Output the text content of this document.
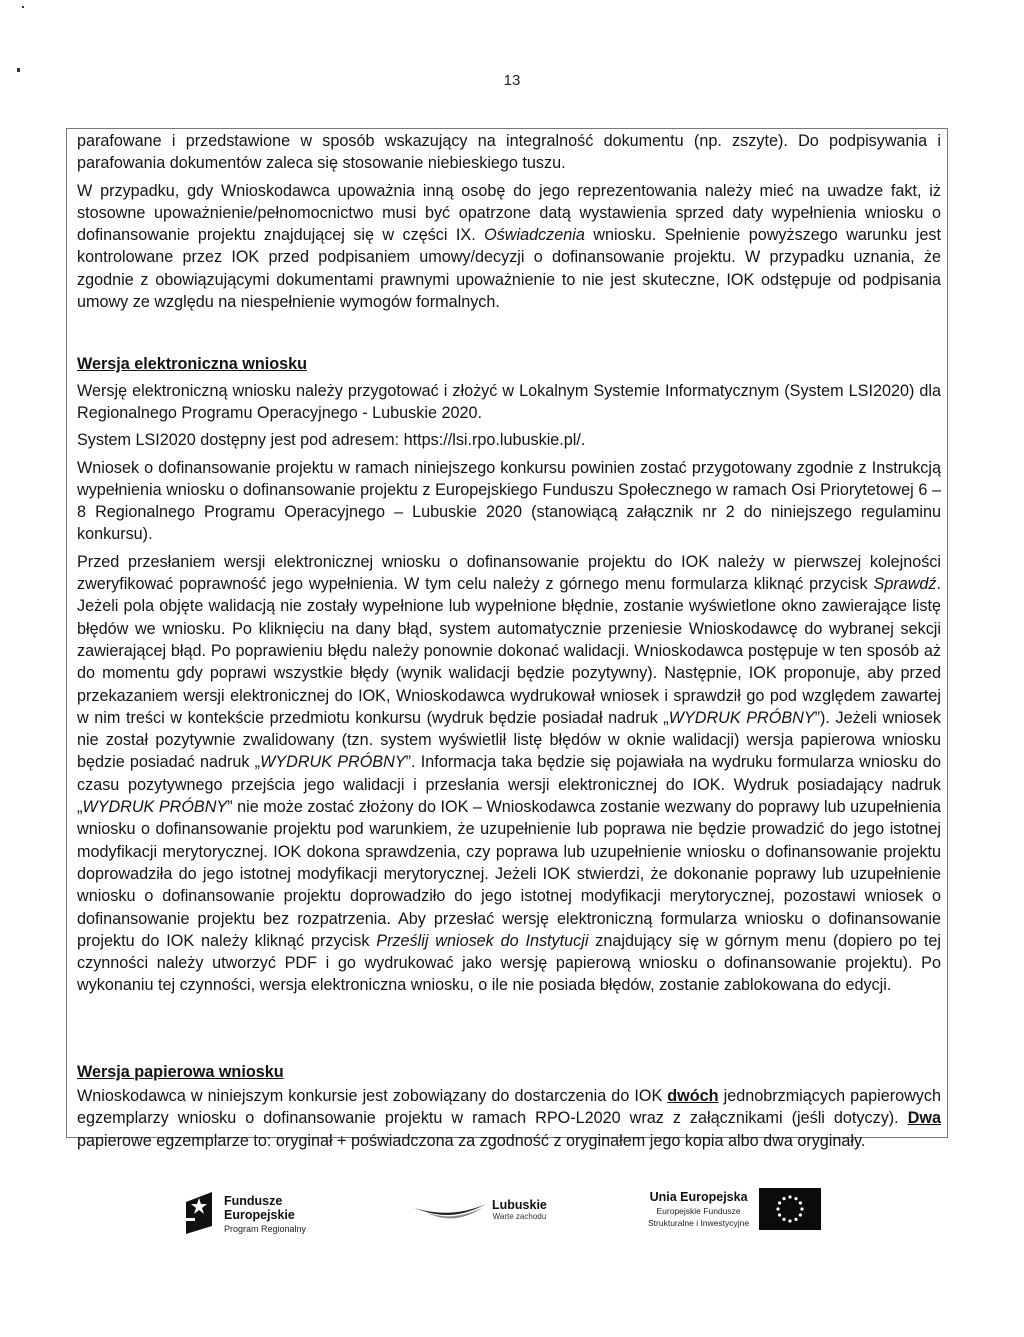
13

parafowane i przedstawione w sposób wskazujący na integralność dokumentu (np. zszyte). Do podpisywania i parafowania dokumentów zaleca się stosowanie niebieskiego tuszu.

W przypadku, gdy Wnioskodawca upoważnia inną osobę do jego reprezentowania należy mieć na uwadze fakt, iż stosowne upoważnienie/pełnomocnictwo musi być opatrzone datą wystawienia sprzed daty wypełnienia wniosku o dofinansowanie projektu znajdującej się w części IX. Oświadczenia wniosku. Spełnienie powyższego warunku jest kontrolowane przez IOK przed podpisaniem umowy/decyzji o dofinansowanie projektu. W przypadku uznania, że zgodnie z obowiązującymi dokumentami prawnymi upoważnienie to nie jest skuteczne, IOK odstępuje od podpisania umowy ze względu na niespełnienie wymogów formalnych.

Wersja elektroniczna wniosku

Wersję elektroniczną wniosku należy przygotować i złożyć w Lokalnym Systemie Informatycznym (System LSI2020) dla Regionalnego Programu Operacyjnego - Lubuskie 2020.

System LSI2020 dostępny jest pod adresem: https://lsi.rpo.lubuskie.pl/.

Wniosek o dofinansowanie projektu w ramach niniejszego konkursu powinien zostać przygotowany zgodnie z Instrukcją wypełnienia wniosku o dofinansowanie projektu z Europejskiego Funduszu Społecznego w ramach Osi Priorytetowej 6 – 8 Regionalnego Programu Operacyjnego – Lubuskie 2020 (stanowiącą załącznik nr 2 do niniejszego regulaminu konkursu).

Przed przesłaniem wersji elektronicznej wniosku o dofinansowanie projektu do IOK należy w pierwszej kolejności zweryfikować poprawność jego wypełnienia. W tym celu należy z górnego menu formularza kliknąć przycisk Sprawdź. Jeżeli pola objęte walidacją nie zostały wypełnione lub wypełnione błędnie, zostanie wyświetlone okno zawierające listę błędów we wniosku. Po kliknięciu na dany błąd, system automatycznie przeniesie Wnioskodawcę do wybranej sekcji zawierającej błąd. Po poprawieniu błędu należy ponownie dokonać walidacji. Wnioskodawca postępuje w ten sposób aż do momentu gdy poprawi wszystkie błędy (wynik walidacji będzie pozytywny). Następnie, IOK proponuje, aby przed przekazaniem wersji elektronicznej do IOK, Wnioskodawca wydrukował wniosek i sprawdził go pod względem zawartej w nim treści w kontekście przedmiotu konkursu (wydruk będzie posiadał nadruk „WYDRUK PRÓBNY”). Jeżeli wniosek nie został pozytywnie zwalidowany (tzn. system wyświetlił listę błędów w oknie walidacji) wersja papierowa wniosku będzie posiadać nadruk „WYDRUK PRÓBNY”. Informacja taka będzie się pojawiała na wydruku formularza wniosku do czasu pozytywnego przejścia jego walidacji i przesłania wersji elektronicznej do IOK. Wydruk posiadający nadruk „WYDRUK PRÓBNY” nie może zostać złożony do IOK – Wnioskodawca zostanie wezwany do poprawy lub uzupełnienia wniosku o dofinansowanie projektu pod warunkiem, że uzupełnienie lub poprawa nie będzie prowadzić do jego istotnej modyfikacji merytorycznej. IOK dokona sprawdzenia, czy poprawa lub uzupełnienie wniosku o dofinansowanie projektu doprowadziła do jego istotnej modyfikacji merytorycznej. Jeżeli IOK stwierdzi, że dokonanie poprawy lub uzupełnienie wniosku o dofinansowanie projektu doprowadziło do jego istotnej modyfikacji merytorycznej, pozostawi wniosek o dofinansowanie projektu bez rozpatrzenia. Aby przesłać wersję elektroniczną formularza wniosku o dofinansowanie projektu do IOK należy kliknąć przycisk Prześlij wniosek do Instytucji znajdujący się w górnym menu (dopiero po tej czynności należy utworzyć PDF i go wydrukować jako wersję papierową wniosku o dofinansowanie projektu). Po wykonaniu tej czynności, wersja elektroniczna wniosku, o ile nie posiada błędów, zostanie zablokowana do edycji.

Wersja papierowa wniosku

Wnioskodawca w niniejszym konkursie jest zobowiązany do dostarczenia do IOK dwóch jednobrzmiących papierowych egzemplarzy wniosku o dofinansowanie projektu w ramach RPO-L2020 wraz z załącznikami (jeśli dotyczy). Dwa papierowe egzemplarze to: oryginał + poświadczona za zgodność z oryginałem jego kopia albo dwa oryginały.

Fundusze
Europejskie
Program Regionalny
Lubuskie
Warte zachodu
Unia Europejska
Europejskie Fundusze
Strukturalne i Inwestycyjne
